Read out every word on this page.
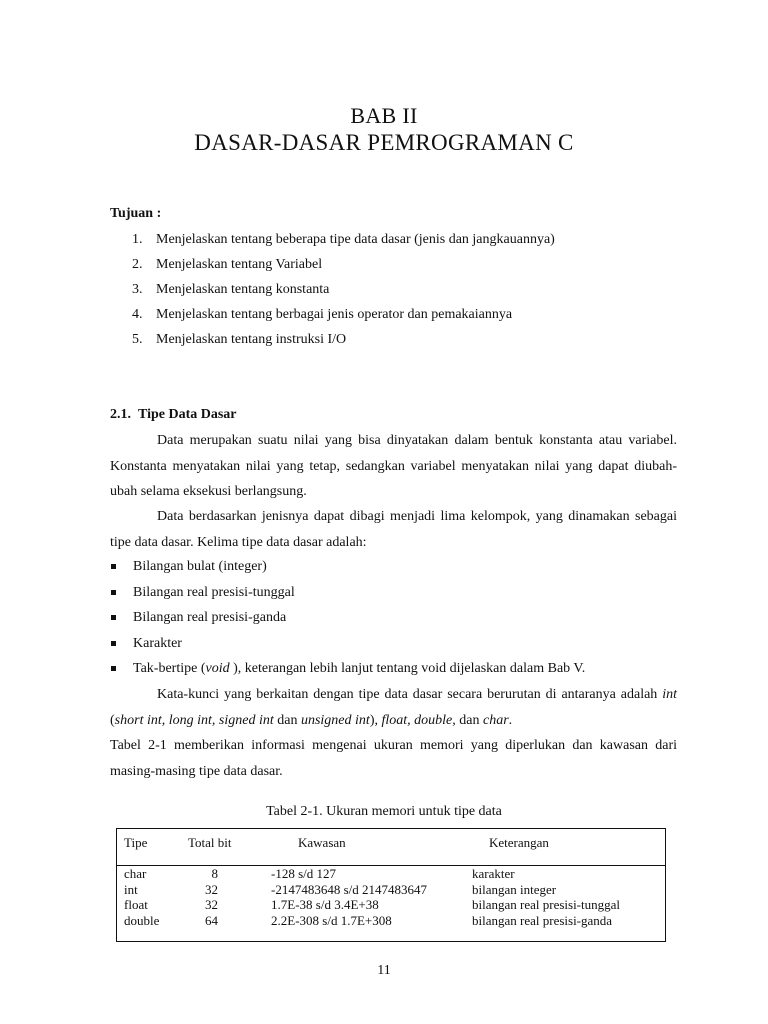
BAB II
DASAR-DASAR PEMROGRAMAN C
Tujuan :
1. Menjelaskan tentang beberapa tipe data dasar (jenis dan jangkauannya)
2. Menjelaskan tentang Variabel
3. Menjelaskan tentang konstanta
4. Menjelaskan tentang berbagai jenis operator dan pemakaiannya
5. Menjelaskan tentang instruksi I/O
2.1. Tipe Data Dasar

Data merupakan suatu nilai yang bisa dinyatakan dalam bentuk konstanta atau variabel. Konstanta menyatakan nilai yang tetap, sedangkan variabel menyatakan nilai yang dapat diubah-ubah selama eksekusi berlangsung.

Data berdasarkan jenisnya dapat dibagi menjadi lima kelompok, yang dinamakan sebagai tipe data dasar. Kelima tipe data dasar adalah:

Bilangan bulat (integer)
Bilangan real presisi-tunggal
Bilangan real presisi-ganda
Karakter
Tak-bertipe (void ), keterangan lebih lanjut tentang void dijelaskan dalam Bab V.

Kata-kunci yang berkaitan dengan tipe data dasar secara berurutan di antaranya adalah int (short int, long int, signed int dan unsigned int), float, double, dan char.

Tabel 2-1 memberikan informasi mengenai ukuran memori yang diperlukan dan kawasan dari masing-masing tipe data dasar.

Tabel 2-1. Ukuran memori untuk tipe data
Tipe	Total bit	Kawasan	Keterangan
char	8	-128 s/d 127	karakter
int	32	-2147483648 s/d 2147483647	bilangan integer
float	32	1.7E-38 s/d 3.4E+38	bilangan real presisi-tunggal
double	64	2.2E-308 s/d 1.7E+308	bilangan real presisi-ganda
11
